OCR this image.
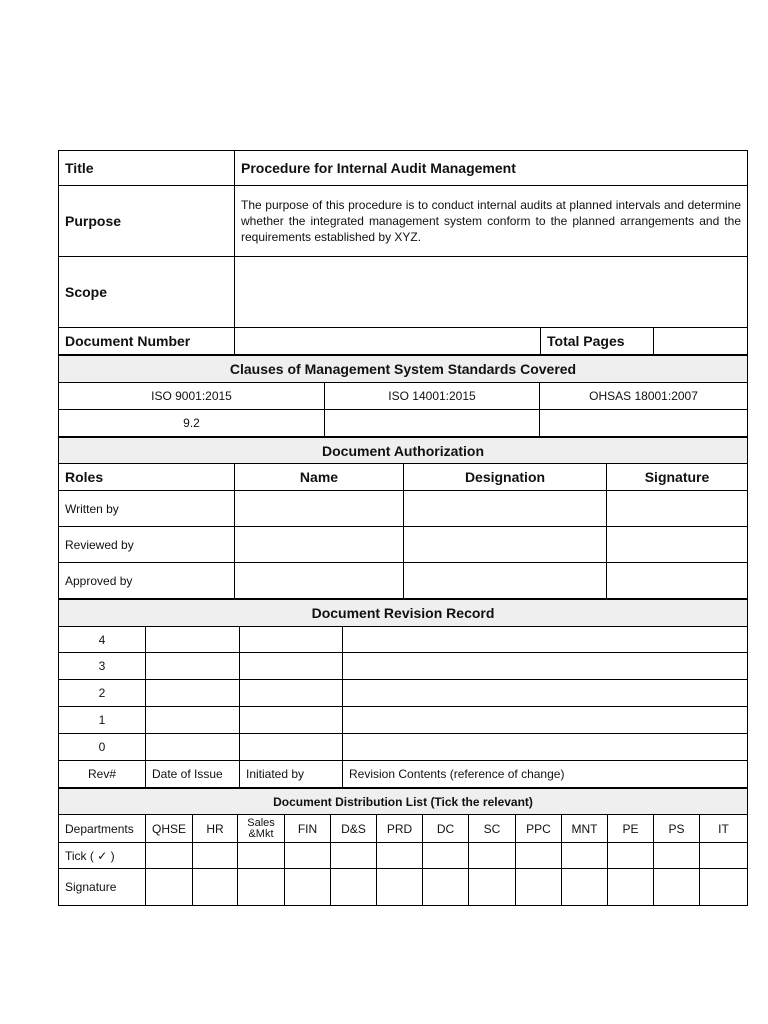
Title	Procedure for Internal Audit Management		
Purpose	The purpose of this procedure is to conduct internal audits at planned intervals and determine whether the integrated management system conform to the planned arrangements and the requirements established by XYZ.		
Scope			
Document Number		Total Pages	
Clauses of Management System Standards Covered		
ISO 9001:2015	ISO 14001:2015	OHSAS 18001:2007
9.2		
Document Authorization			
Roles	Name	Designation	Signature
Written by			
Reviewed by			
Approved by			
Document Revision Record			
4			
3			
2			
1			
0			
Rev#	Date of Issue	Initiated by	Revision Contents (reference of change)
Document Distribution List (Tick the relevant)													
Departments	QHSE	HR	Sales &Mkt	FIN	D&S	PRD	DC	SC	PPC	MNT	PE	PS	IT
Tick ( ✓ )													
Signature													
